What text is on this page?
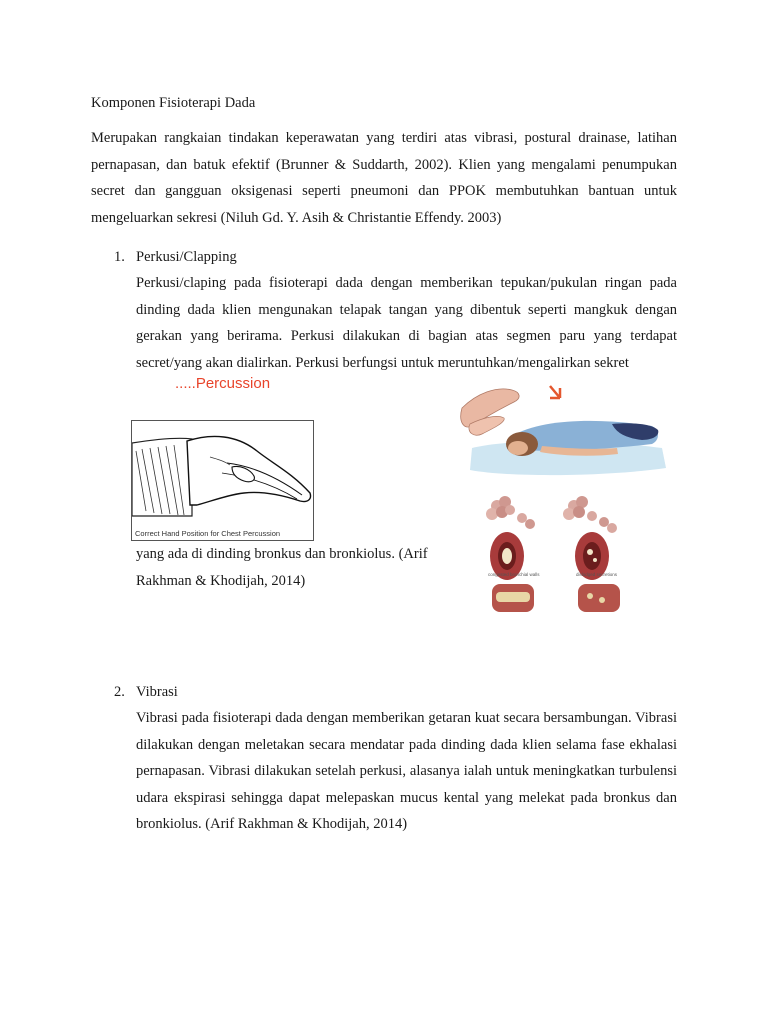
Komponen Fisioterapi Dada
Merupakan rangkaian tindakan keperawatan yang terdiri atas vibrasi, postural drainase, latihan pernapasan, dan batuk efektif (Brunner & Suddarth, 2002). Klien yang mengalami penumpukan secret dan gangguan oksigenasi seperti pneumoni dan PPOK membutuhkan bantuan untuk mengeluarkan sekresi (Niluh Gd. Y. Asih & Christantie Effendy. 2003)
1. Perkusi/Clapping
Perkusi/claping pada fisioterapi dada dengan memberikan tepukan/pukulan ringan pada dinding dada klien mengunakan telapak tangan yang dibentuk seperti mangkuk dengan gerakan yang berirama. Perkusi dilakukan di bagian atas segmen paru yang terdapat secret/yang akan dialirkan. Perkusi berfungsi untuk meruntuhkan/mengalirkan sekret
.....Percussion
Correct Hand Position for Chest Percussion
yang ada di dinding bronkus dan bronkiolus. (Arif Rakhman & Khodijah, 2014)	congested bronchial walls	dislodged secretions
2. Vibrasi
Vibrasi pada fisioterapi dada dengan memberikan getaran kuat secara bersambungan. Vibrasi dilakukan dengan meletakan secara mendatar pada dinding dada klien selama fase ekhalasi pernapasan. Vibrasi dilakukan setelah perkusi, alasanya ialah untuk meningkatkan turbulensi udara ekspirasi sehingga dapat melepaskan mucus kental yang melekat pada bronkus dan bronkiolus. (Arif Rakhman & Khodijah, 2014)
